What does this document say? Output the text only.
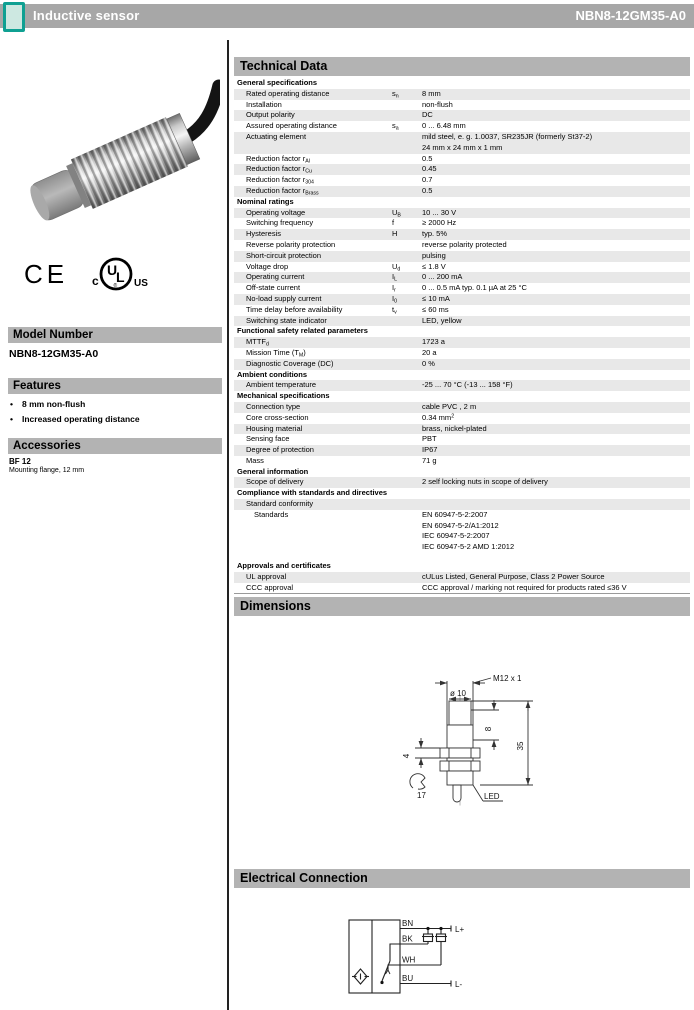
Inductive sensor	NBN8-12GM35-A0
CE	U
L
®
c	US
Model Number
NBN8-12GM35-A0
Features
•	8 mm non-flush
•	Increased operating distance
Accessories
BF 12
Mounting flange, 12 mm
Technical Data
General specifications
Rated operating distance	$s_n$	8 mm
Installation	non-flush
Output polarity	DC
Assured operating distance	$s_a$	0 ... 6.48 mm
Actuating element	mild steel, e. g. 1.0037, SR235JR (formerly St37-2)
24 mm x 24 mm x 1 mm
Reduction factor $r_{Al}$	0.5
Reduction factor $r_{Cu}$	0.45
Reduction factor $r_{304}$	0.7
Reduction factor $r_{Brass}$	0.5
Nominal ratings
Operating voltage	$U_B$	10 ... 30 V
Switching frequency	f	≥ 2000 Hz
Hysteresis	H	typ. 5%
Reverse polarity protection	reverse polarity protected
Short-circuit protection	pulsing
Voltage drop	$U_d$	≤ 1.8 V
Operating current	$I_L$	0 ... 200 mA
Off-state current	$I_r$	0 ... 0.5 mA typ. 0.1 µA at 25 °C
No-load supply current	$I_0$	≤ 10 mA
Time delay before availability	$t_v$	≤ 60 ms
Switching state indicator	LED, yellow
Functional safety related parameters
$MTTF_d$	1723 a
Mission Time $(T_M)$	20 a
Diagnostic Coverage (DC)	0 %
Ambient conditions
Ambient temperature	-25 ... 70 °C (-13 ... 158 °F)
Mechanical specifications
Connection type	cable PVC , 2 m
Core cross-section	0.34 $mm^2$
Housing material	brass, nickel-plated
Sensing face	PBT
Degree of protection	IP67
Mass	71 g
General information
Scope of delivery	2 self locking nuts in scope of delivery
Compliance with standards and directives
Standard conformity
Standards	EN 60947-5-2:2007
EN 60947-5-2/A1:2012
IEC 60947-5-2:2007
IEC 60947-5-2 AMD 1:2012
Approvals and certificates
UL approval	cULus Listed, General Purpose, Class 2 Power Source
CCC approval	CCC approval / marking not required for products rated ≤36 V
Dimensions
M12 x 1
ø 10
8
35
4
17	LED
Electrical Connection
BN
BK
WH
BU
L+
L-
